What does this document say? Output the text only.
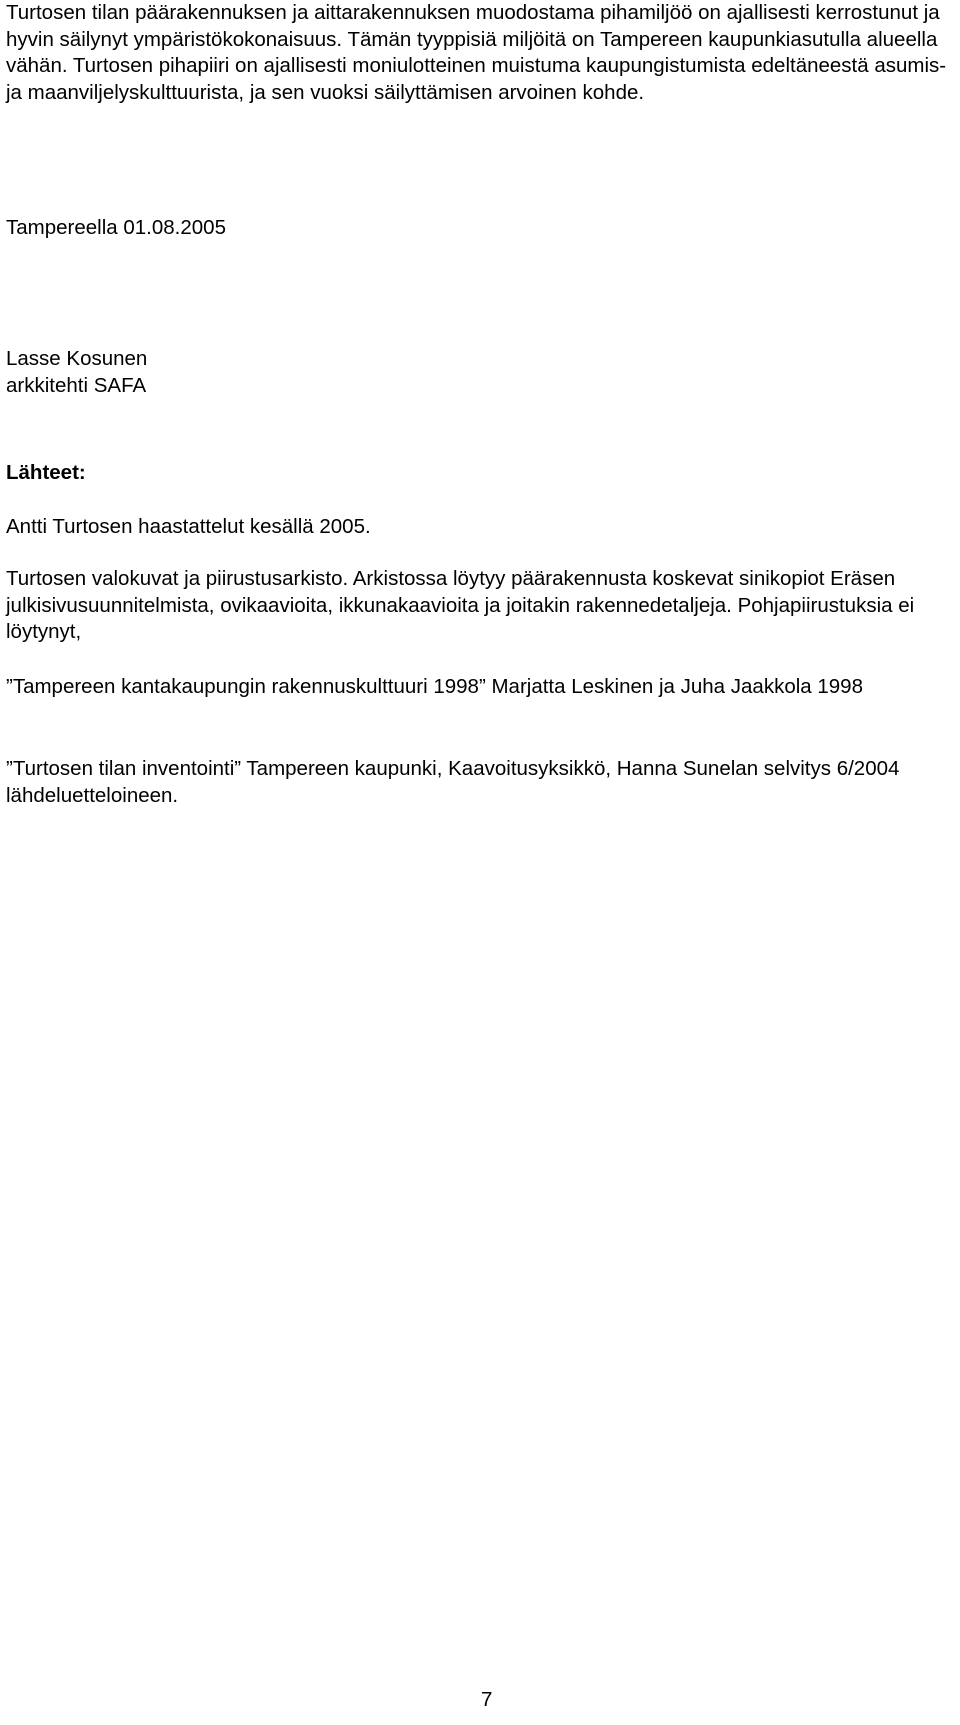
Turtosen tilan päärakennuksen ja aittarakennuksen muodostama pihamiljöö on ajallisesti kerrostunut ja hyvin säilynyt ympäristökokonaisuus. Tämän tyyppisiä miljöitä on Tampereen kaupunkiasutulla alueella vähän. Turtosen pihapiiri on ajallisesti moniulotteinen muistuma kaupungistumista edeltäneestä asumis- ja maanviljelyskulttuurista, ja sen vuoksi säilyttämisen arvoinen kohde.

Tampereella 01.08.2005

Lasse Kosunen

arkkitehti SAFA

Lähteet:

Antti Turtosen haastattelut kesällä 2005.

Turtosen valokuvat ja piirustusarkisto. Arkistossa löytyy päärakennusta koskevat sinikopiot Eräsen julkisivusuunnitelmista, ovikaavioita, ikkunakaavioita ja joitakin rakennedetaljeja. Pohjapiirustuksia ei löytynyt,

”Tampereen kantakaupungin rakennuskulttuuri 1998” Marjatta Leskinen ja Juha Jaakkola 1998

”Turtosen tilan inventointi” Tampereen kaupunki, Kaavoitusyksikkö, Hanna Sunelan selvitys 6/2004 lähdeluetteloineen.

7
